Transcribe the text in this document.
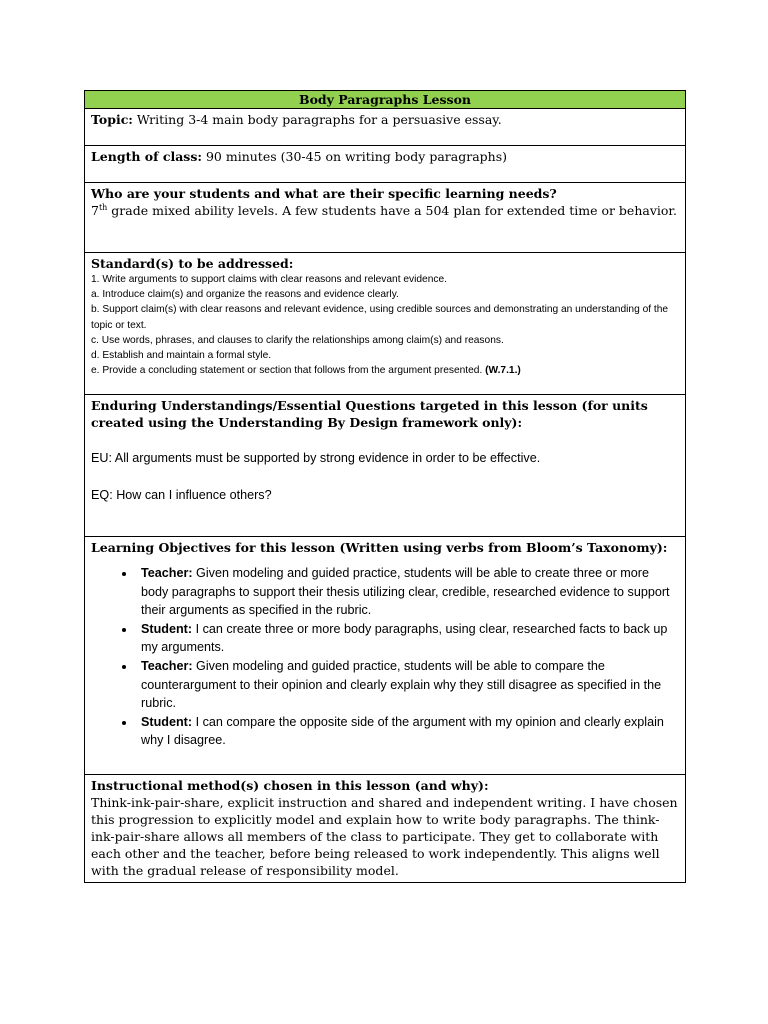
Body Paragraphs Lesson
Topic: Writing 3-4 main body paragraphs for a persuasive essay.
Length of class: 90 minutes (30-45 on writing body paragraphs)

Who are your students and what are their specific learning needs?
7th grade mixed ability levels. A few students have a 504 plan for extended time or behavior.

Standard(s) to be addressed:
1. Write arguments to support claims with clear reasons and relevant evidence.
a. Introduce claim(s) and organize the reasons and evidence clearly.
b. Support claim(s) with clear reasons and relevant evidence, using credible sources and demonstrating an understanding of the topic or text.
c. Use words, phrases, and clauses to clarify the relationships among claim(s) and reasons.
d. Establish and maintain a formal style.
e. Provide a concluding statement or section that follows from the argument presented. (W.7.1.)

Enduring Understandings/Essential Questions targeted in this lesson (for units created using the Understanding By Design framework only):
EU: All arguments must be supported by strong evidence in order to be effective.
EQ: How can I influence others?

Learning Objectives for this lesson (Written using verbs from Bloom’s Taxonomy):
• Teacher: Given modeling and guided practice, students will be able to create three or more body paragraphs to support their thesis utilizing clear, credible, researched evidence to support their arguments as specified in the rubric.
• Student: I can create three or more body paragraphs, using clear, researched facts to back up my arguments.
• Teacher: Given modeling and guided practice, students will be able to compare the counterargument to their opinion and clearly explain why they still disagree as specified in the rubric.
• Student: I can compare the opposite side of the argument with my opinion and clearly explain why I disagree.

Instructional method(s) chosen in this lesson (and why):
Think-ink-pair-share, explicit instruction and shared and independent writing. I have chosen this progression to explicitly model and explain how to write body paragraphs. The think-ink-pair-share allows all members of the class to participate. They get to collaborate with each other and the teacher, before being released to work independently. This aligns well with the gradual release of responsibility model.
